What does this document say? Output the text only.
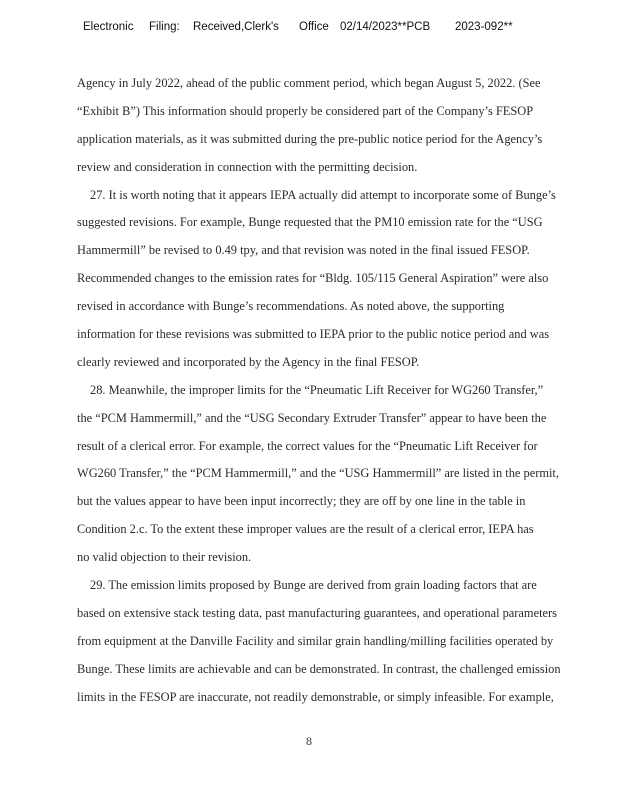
Electronic Filing: Received,Clerk's Office 02/14/2023**PCB 2023-092**
Agency in July 2022, ahead of the public comment period, which began August 5, 2022. (See
“Exhibit B”) This information should properly be considered part of the Company’s FESOP
application materials, as it was submitted during the pre-public notice period for the Agency’s
review and consideration in connection with the permitting decision.
27. It is worth noting that it appears IEPA actually did attempt to incorporate some of Bunge’s
suggested revisions. For example, Bunge requested that the PM10 emission rate for the “USG
Hammermill” be revised to 0.49 tpy, and that revision was noted in the final issued FESOP.
Recommended changes to the emission rates for “Bldg. 105/115 General Aspiration” were also
revised in accordance with Bunge’s recommendations. As noted above, the supporting
information for these revisions was submitted to IEPA prior to the public notice period and was
clearly reviewed and incorporated by the Agency in the final FESOP.
28. Meanwhile, the improper limits for the “Pneumatic Lift Receiver for WG260 Transfer,”
the “PCM Hammermill,” and the “USG Secondary Extruder Transfer” appear to have been the
result of a clerical error. For example, the correct values for the “Pneumatic Lift Receiver for
WG260 Transfer,” the “PCM Hammermill,” and the “USG Hammermill” are listed in the permit,
but the values appear to have been input incorrectly; they are off by one line in the table in
Condition 2.c. To the extent these improper values are the result of a clerical error, IEPA has
no valid objection to their revision.
29. The emission limits proposed by Bunge are derived from grain loading factors that are
based on extensive stack testing data, past manufacturing guarantees, and operational parameters
from equipment at the Danville Facility and similar grain handling/milling facilities operated by
Bunge. These limits are achievable and can be demonstrated. In contrast, the challenged emission
limits in the FESOP are inaccurate, not readily demonstrable, or simply infeasible. For example,
8
